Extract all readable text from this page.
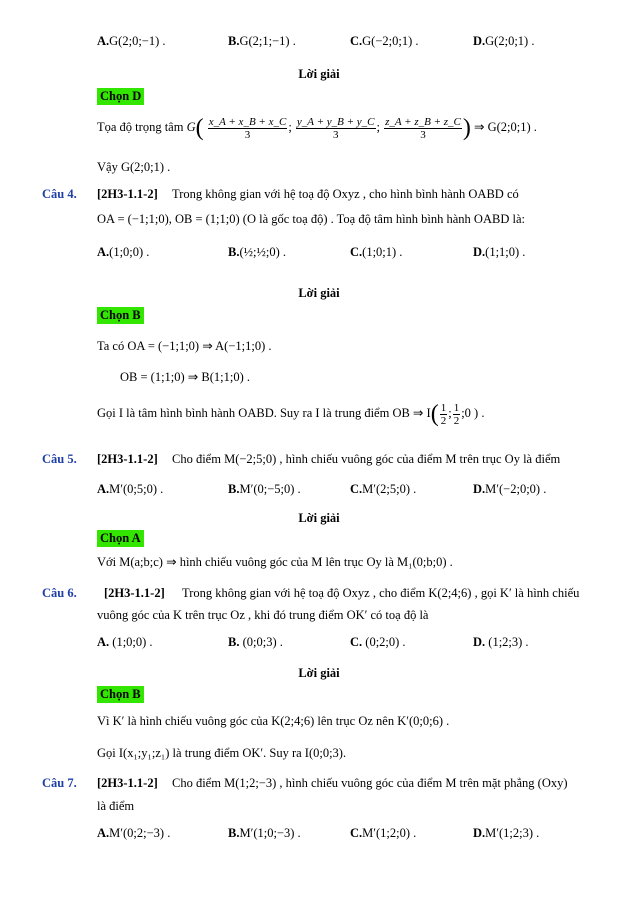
A.G(2;0;−1) .	B.G(2;1;−1) .	C.G(−2;0;1) .	D.G(2;0;1) .
Lời giải
Chọn D
Tọa độ trọng tâm $G( \frac{x\_A + x\_B + x\_C}{3}$ ; $\frac{y\_A + y\_B + y\_C}{3}$ ; $\frac{z\_A + z\_B + z\_C}{3}$ ) ⇒ G(2;0;1) .
Vậy G(2;0;1) .
Câu 4. [2H3-1.1-2] Trong không gian với hệ toạ độ Oxyz , cho hình bình hành OABD có
OA = (−1;1;0), OB = (1;1;0) (O là gốc toạ độ) . Toạ độ tâm hình bình hành OABD là:
A.(1;0;0) .	B.(½;½;0) .	C.(1;0;1) .	D.(1;1;0) .
Lời giải
Chọn B
Ta có OA = (−1;1;0) ⇒ A(−1;1;0) .
OB = (1;1;0) ⇒ B(1;1;0) .
Gọi I là tâm hình bình hành OABD. Suy ra I là trung điểm OB ⇒ $I( \frac{1}{2}$ ; $\frac{1}{2}$ ;0 ) .
Câu 5. [2H3-1.1-2] Cho điểm M(−2;5;0) , hình chiếu vuông góc của điểm M trên trục Oy là điểm
A.M′(0;5;0) .	B.M′(0;−5;0) .	C.M′(2;5;0) .	D.M′(−2;0;0) .
Lời giải
Chọn A
Với M(a;b;c) ⇒ hình chiếu vuông góc của M lên trục Oy là M₁(0;b;0) .
Câu 6. [2H3-1.1-2] Trong không gian với hệ toạ độ Oxyz , cho điểm K(2;4;6) , gọi K′ là hình chiếu
vuông góc của K trên trục Oz , khi đó trung điểm OK′ có toạ độ là
A. (1;0;0) .	B. (0;0;3) .	C. (0;2;0) .	D. (1;2;3) .
Lời giải
Chọn B
Vì K′ là hình chiếu vuông góc của K(2;4;6) lên trục Oz nên K′(0;0;6) .
Gọi I(x₁;y₁;z₁) là trung điểm OK′. Suy ra I(0;0;3).
Câu 7. [2H3-1.1-2] Cho điểm M(1;2;−3) , hình chiếu vuông góc của điểm M trên mặt phẳng (Oxy)
là điểm
A.M′(0;2;−3) .	B.M′(1;0;−3) .	C.M′(1;2;0) .	D.M′(1;2;3) .
